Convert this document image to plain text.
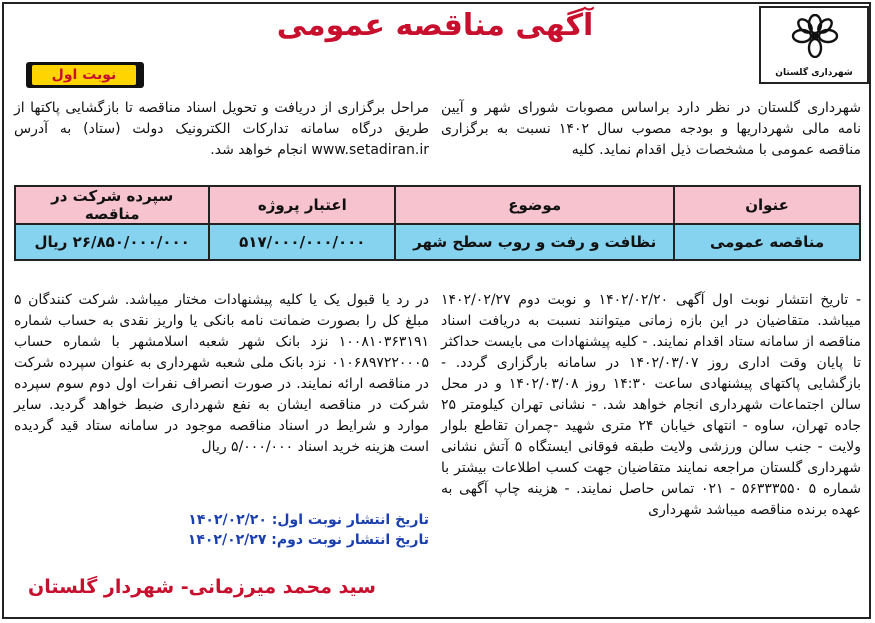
شهرداری گلستان
آگهی مناقصه عمومی
نوبت اول
شهرداری گلستان در نظر دارد براساس مصوبات شورای شهر و آیین نامه مالی شهرداریها و بودجه مصوب سال ۱۴۰۲ نسبت به برگزاری مناقصه عمومی با مشخصات ذیل اقدام نماید. کلیه
مراحل برگزاری از دریافت و تحویل اسناد مناقصه تا بازگشایی پاکتها از طریق درگاه سامانه تدارکات الکترونیک دولت (ستاد) به آدرس www.setadiran.ir انجام خواهد شد.
عنوان	موضوع	اعتبار پروژه	سپرده شرکت در مناقصه
مناقصه عمومی	نظافت و رفت و روب سطح شهر	۵۱۷/۰۰۰/۰۰۰/۰۰۰	۲۶/۸۵۰/۰۰۰/۰۰۰ ریال
- تاریخ انتشار نوبت اول آگهی ۱۴۰۲/۰۲/۲۰ و نوبت دوم ۱۴۰۲/۰۲/۲۷ میباشد. متقاضیان در این بازه زمانی میتوانند نسبت به دریافت اسناد مناقصه از سامانه ستاد اقدام نمایند. - کلیه پیشنهادات می بایست حداکثر تا پایان وقت اداری روز ۱۴۰۲/۰۳/۰۷ در سامانه بارگزاری گردد. - بازگشایی پاکتهای پیشنهادی ساعت ۱۴:۳۰ روز ۱۴۰۲/۰۳/۰۸ و در محل سالن اجتماعات شهرداری انجام خواهد شد. - نشانی تهران کیلومتر ۲۵ جاده تهران، ساوه - انتهای خیابان ۲۴ متری شهید -چمران تقاطع بلوار ولایت - جنب سالن ورزشی ولایت طبقه فوقانی ایستگاه ۵ آتش نشانی شهرداری گلستان مراجعه نمایند متقاضیان جهت کسب اطلاعات بیشتر با شماره ۵ ۵۶۳۳۳۵۵۰ - ۰۲۱ تماس حاصل نمایند. - هزینه چاپ آگهی به عهده برنده مناقصه میباشد شهرداری
در رد یا قبول یک یا کلیه پیشنهادات مختار میباشد. شرکت کنندگان ۵ مبلغ کل را بصورت ضمانت نامه بانکی یا واریز نقدی به حساب شماره ۱۰۰۸۱۰۳۶۳۱۹۱ نزد بانک شهر شعبه اسلامشهر با شماره حساب ۰۱۰۶۸۹۷۲۲۰۰۰۵ نزد بانک ملی شعبه شهرداری به عنوان سپرده شرکت در مناقصه ارائه نمایند. در صورت انصراف نفرات اول دوم سوم سپرده شرکت در مناقصه ایشان به نفع شهرداری ضبط خواهد گردید. سایر موارد و شرایط در اسناد مناقصه موجود در سامانه ستاد قید گردیده است هزینه خرید اسناد ۵/۰۰۰/۰۰۰ ریال
تاریخ انتشار نوبت اول: ۱۴۰۲/۰۲/۲۰
تاریخ انتشار نوبت دوم: ۱۴۰۲/۰۲/۲۷
سید محمد میرزمانی- شهردار گلستان
